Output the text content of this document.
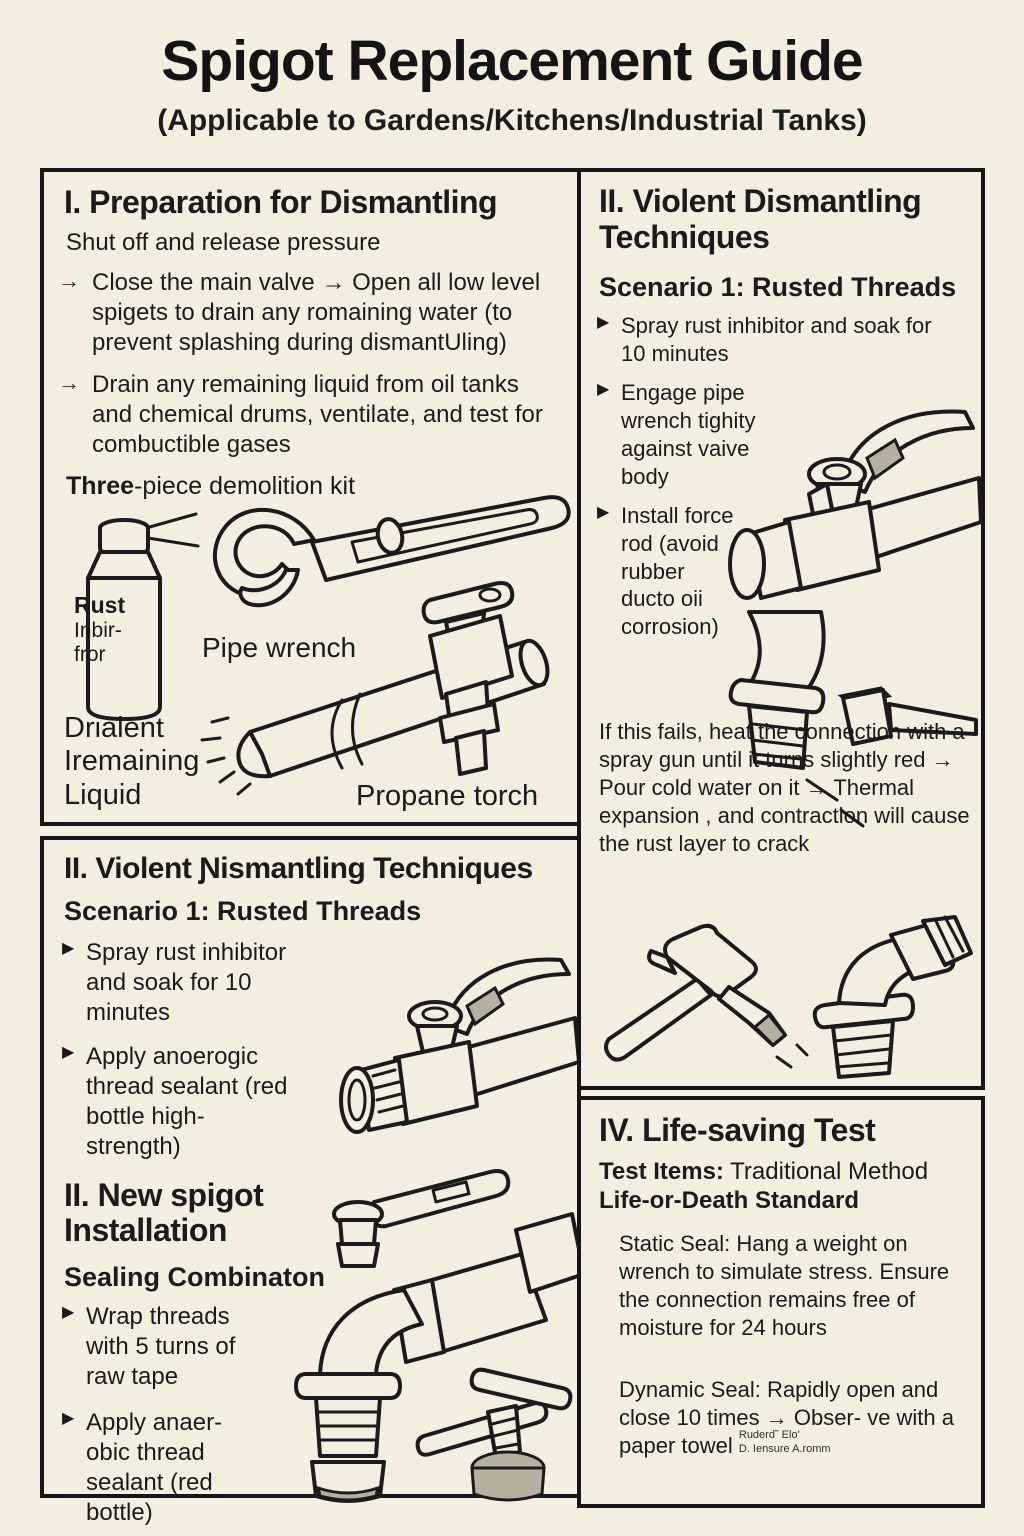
Spigot Replacement Guide
(Applicable to Gardens/Kitchens/Industrial Tanks)
I. Preparation for Dismantling
Shut off and release pressure
→ Close the main valve → Open all low level spigets to drain any romaining water (to prevent splashing during dismantUling)
→ Drain any remaining liquid from oil tanks and chemical drums, ventilate, and test for combuctible gases
Three-piece demolition kit
Rust
Inbir-
fror	Pipe wrench
Drialent
Iremaining
Liquid	Propane torch
II. Violent Ɲismantling Techniques
Scenario 1: Rusted Threads
▶ Spray rust inhibitor and soak for 10 minutes
▶ Apply anoerogic thread sealant (red bottle high-strength)
II. New spigot Installation
Sealing Combinaton
▶ Wrap threads with 5 turns of raw tape
▶ Apply anaer- obic thread sealant (red bottle)
II. Violent Dismantling Techniques
Scenario 1: Rusted Threads
▶ Spray rust inhibitor and soak for 10 minutes
▶ Engage pipe wrench tighity against vaive body
▶ Install force rod (avoid rubber ducto oii corrosion)

If this fails, heat the connection with a spray gun until it turns slightly red → Pour cold water on it → Thermal expansion , and contraction will cause the rust layer to crack

IV. Life-saving Test
Test Items: Traditional Method
Life-or-Death Standard

Static Seal: Hang a weight on wrench to simulate stress. Ensure the connection remains free of moisture for 24 hours

Dynamic Seal: Rapidly open and close 10 times → Obser- ve with a paper towel Ruderd˜ Elo'
D. Iensure A.romm
